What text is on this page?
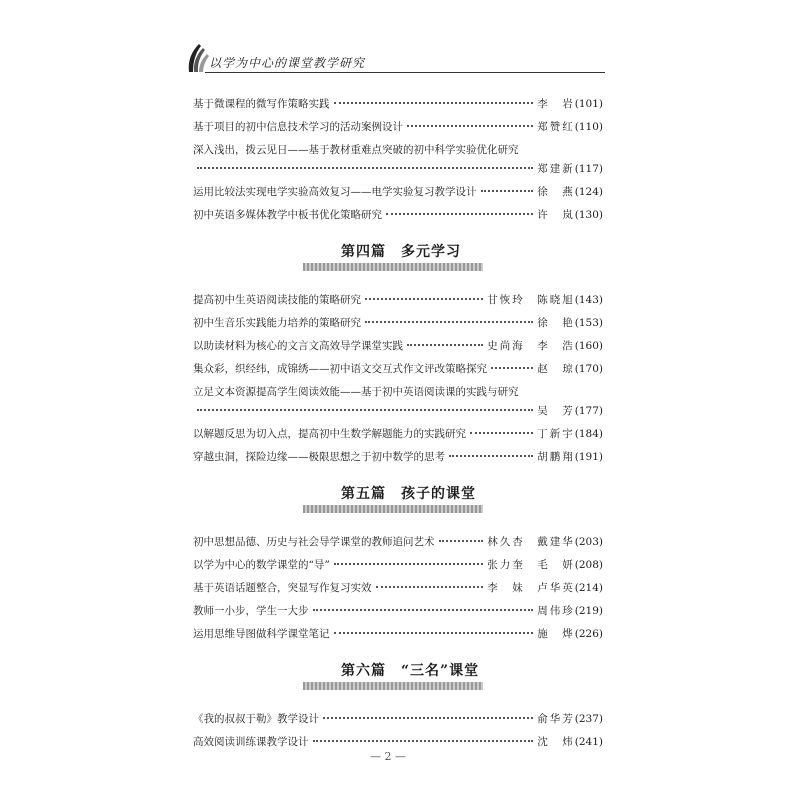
以学为中心的课堂教学研究
基于微课程的微写作策略实践	李　岩 (101)
基于项目的初中信息技术学习的活动案例设计	郑赞红 (110)
深入浅出，拨云见日——基于教材重难点突破的初中科学实验优化研究
郑建新 (117)
运用比较法实现电学实验高效复习——电学实验复习教学设计	徐　燕 (124)
初中英语多媒体教学中板书优化策略研究	许　岚 (130)
第四篇　多元学习
提高初中生英语阅读技能的策略研究	甘恢玲　陈晓旭 (143)
初中生音乐实践能力培养的策略研究	徐　艳 (153)
以助读材料为核心的文言文高效导学课堂实践	史尚海　李　浩 (160)
集众彩，织经纬，成锦绣——初中语文交互式作文评改策略探究	赵　琼 (170)
立足文本资源提高学生阅读效能——基于初中英语阅读课的实践与研究
吴　芳 (177)
以解题反思为切入点，提高初中生数学解题能力的实践研究	丁新宇 (184)
穿越虫洞，探险边缘——极限思想之于初中数学的思考	胡鹏翔 (191)
第五篇　孩子的课堂
初中思想品德、历史与社会导学课堂的教师追问艺术	林久杏　戴建华 (203)
以学为中心的数学课堂的“导”	张力奎　毛　妍 (208)
基于英语话题整合，突显写作复习实效	李　妹　卢华英 (214)
教师一小步，学生一大步	周伟珍 (219)
运用思维导图做科学课堂笔记	施　烨 (226)
第六篇　“三名”课堂
《我的叔叔于勒》教学设计	俞华芳 (237)
高效阅读训练课教学设计	沈　炜 (241)
— 2 —
